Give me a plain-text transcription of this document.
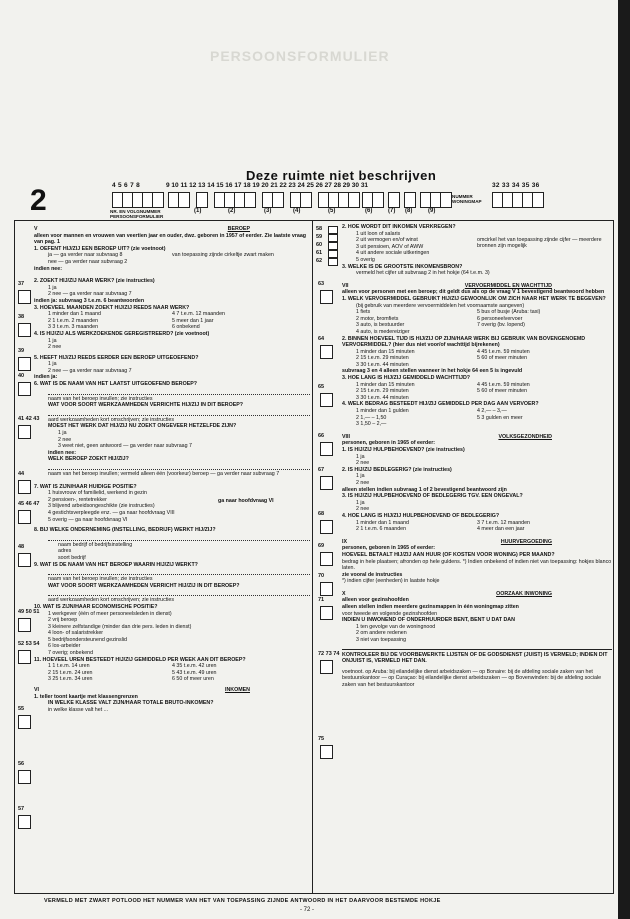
PERSOONSFORMULIER
Deze ruimte niet beschrijven
2	4 5 6 7 8	9 10 11 12 13 14 15 16 17 18 19 20 21 22 23 24 25 26 27 28 29 30 31
NR. EN VOLGNUMMER PERSOONSFORMULIER
NUMMER WONINGMAP
32 33 34 35 36
(1)	(2)	(3)	(4)	(5)	(6)	(7) (8)	(9)
V	BEROEP
alleen voor mannen en vrouwen van veertien jaar en ouder, dwz. geboren in 1957 of eerder. Zie laatste vraag van pag. 1
1. OEFENT HIJ/ZIJ EEN BEROEP UIT? (zie voetnoot)
ja — ga verder naar subvraag 8
nee — ga verder naar subvraag 2
van toepassing zijnde cirkeltje zwart maken
indien nee:
2. ZOEKT HIJ/ZIJ NAAR WERK? (zie instructies)
1 ja
2 nee — ga verder naar subvraag 7
indien ja: subvraag 3 t.e.m. 6 beantwoorden
3. HOEVEEL MAANDEN ZOEKT HIJ/ZIJ REEDS NAAR WERK?
1 minder dan 1 maand
2 1 t.e.m. 2 maanden
3 3 t.e.m. 3 maanden
4 7 t.e.m. 12 maanden
5 meer dan 1 jaar
6 onbekend
4. IS HIJ/ZIJ ALS WERKZOEKENDE GEREGISTREERD? (zie voetnoot)
1 ja
2 nee
5. HEEFT HIJ/ZIJ REEDS EERDER EEN BEROEP UITGEOEFEND?
1 ja
2 nee — ga verder naar subvraag 7
indien ja:
6. WAT IS DE NAAM VAN HET LAATST UITGEOEFEND BEROEP?
naam van het beroep invullen; zie instructies
WAT VOOR SOORT WERKZAAMHEDEN VERRICHTE HIJ/ZIJ IN DIT BEROEP?
aard werkzaamheden kort omschrijven; zie instructies
MOEST HET WERK DAT HIJ/ZIJ NU ZOEKT ONGEVEER HETZELFDE ZIJN?
1 ja
2 nee
3 weet niet, geen antwoord — ga verder naar subvraag 7
indien nee:
WELK BEROEP ZOEKT HIJ/ZIJ?
naam van het beroep invullen; vermeld alleen één (voorkeur) beroep — ga verder naar subvraag 7
7. WAT IS ZIJN/HAAR HUIDIGE POSITIE?
1 huisvrouw of familielid, werkend in gezin
2 pensioen-, rentetrekker
3 blijvend arbeidsongeschikte (zie instructies)
4 gestichtsverpleegde enz. — ga naar hoofdvraag VIII
5 overig — ga naar hoofdvraag VI
ga naar hoofdvraag VI
8. BIJ WELKE ONDERNEMING (INSTELLING, BEDRIJF) WERKT HIJ/ZIJ?
naam bedrijf of bedrijfsinstelling
adres
soort bedrijf
9. WAT IS DE NAAM VAN HET BEROEP WAARIN HIJ/ZIJ WERKT?
naam van het beroep invullen; zie instructies
WAT VOOR SOORT WERKZAAMHEDEN VERRICHT HIJ/ZIJ IN DIT BEROEP?
aard werkzaamheden kort omschrijven; zie instructies
10. WAT IS ZIJN/HAAR ECONOMISCHE POSITIE?
1 werkgever (één of meer personeelsleden in dienst)
2 vrij beroep
3 kleinere zelfstandige (minder dan drie pers. leden in dienst)
4 loon- of salaristrekker
5 bedrijfsondersteunend gezinslid
6 los-arbeider
7 overig; onbekend
11. HOEVEEL UREN BESTEEDT HIJ/ZIJ GEMIDDELD PER WEEK AAN DIT BEROEP?
1 1 t.e.m. 14 uren
2 15 t.e.m. 24 uren
3 25 t.e.m. 34 uren
4 35 t.e.m. 42 uren
5 43 t.e.m. 49 uren
6 50 of meer uren
VI	INKOMEN
1. teller toont kaartje met klassengrenzen
IN WELKE KLASSE VALT ZIJN/HAAR TOTALE BRUTO-INKOMEN?
in welke klasse valt het ...
37
38
39
40
41 42 43
44
45 46 47
48
49 50 51
52 53 54
55
56
57
2. HOE WORDT DIT INKOMEN VERKREGEN?
1 uit loon of salaris
2 uit vermogen en/of winst
3 uit pensioen, AOV of AWW
4 uit andere sociale uitkeringen
5 overig
omcirkel het van toepassing zijnde cijfer — meerdere bronnen zijn mogelijk
3. WELKE IS DE GROOTSTE INKOMENSBRON?
vermeld het cijfer uit subvraag 2 in het hokje (64 t.e.m. 3)
VII	VERVOERMIDDEL EN WACHTTIJD
alleen voor personen met een beroep; dit geldt dus als op de vraag V 1 bevestigend beantwoord hebben
1. WELK VERVOERMIDDEL GEBRUIKT HIJ/ZIJ GEWOONLIJK OM ZICH NAAR HET WERK TE BEGEVEN?
(bij gebruik van meerdere vervoermiddelen het voornaamste aangeven)
1 fiets
2 motor, bromfiets
3 auto, is bestuurder
4 auto, is medereiziger
5 bus of busje (Aruba: taxi)
6 personeelvervoer
7 overig (bv. lopend)
2. BINNEN HOEVEEL TIJD IS HIJ/ZIJ OP ZIJN/HAAR WERK BIJ GEBRUIK VAN BOVENGENOEMD VERVOERMIDDEL? (hier dus niet voor/of wachttijd bijrekenen)
1 minder dan 15 minuten
2 15 t.e.m. 29 minuten
3 30 t.e.m. 44 minuten
4 45 t.e.m. 59 minuten
5 60 of meer minuten
subvraag 3 en 4 alleen stellen wanneer in het hokje 64 een 5 is ingevuld
3. HOE LANG IS HIJ/ZIJ GEMIDDELD WACHTTIJD?
1 minder dan 15 minuten
2 15 t.e.m. 29 minuten
3 30 t.e.m. 44 minuten
4 45 t.e.m. 59 minuten
5 60 of meer minuten
4. WELK BEDRAG BESTEEDT HIJ/ZIJ GEMIDDELD PER DAG AAN VERVOER?
1 minder dan 1 gulden
2 1,— – 1,50
3 1,50 – 2,—
4 2,— – 3,—
5 3 gulden en meer
VIII	VOLKSGEZONDHEID
personen, geboren in 1965 of eerder:
1. IS HIJ/ZIJ HULPBEHOEVEND? (zie instructies)
1 ja
2 nee
2. IS HIJ/ZIJ BEDLEGERIG? (zie instructies)
1 ja
2 nee
alleen stellen indien subvraag 1 of 2 bevestigend beantwoord zijn
3. IS HIJ/ZIJ HULPBEHOEVEND OF BEDLEGERIG TGV. EEN ONGEVAL?
1 ja
2 nee
4. HOE LANG IS HIJ/ZIJ HULPBEHOEVEND OF BEDLEGERIG?
1 minder dan 1 maand
2 1 t.e.m. 6 maanden
3 7 t.e.m. 12 maanden
4 meer dan een jaar
IX	HUURVERGOEDING
personen, geboren in 1965 of eerder:
HOEVEEL BETAALT HIJ/ZIJ AAN HUUR (OF KOSTEN VOOR WONING) PER MAAND?
bedrag in hele plaatsen; afronden op hele guldens. *) Indien onbekend of indien niet van toepassing: hokjes blanco laten.
zie vooral de instructies
*) indien cijfer (eenheden) in laatste hokje
X	OORZAAK INWONING
alleen voor gezinshoofden
alleen stellen indien meerdere gezinsmappen in één woningmap zitten
voor tweede en volgende gezinshoofden
INDIEN U INWONEND OF ONDERHUURDER BENT, BENT U DAT DAN
1 ten gevolge van de woningnood
2 om andere redenen
3 niet van toepassing
KONTROLEER BIJ DE VOORBEWERKTE LIJSTEN OF DE GODSDIENST (JUIST) IS VERMELD; INDIEN DIT ONJUIST IS, VERMELD HET DAN.
voetnoot. op Aruba: bij eilandelijke dienst arbeidszaken — op Bonaire: bij de afdeling sociale zaken van het bestuurskantoor — op Curaçao: bij eilandelijke dienst arbeidszaken — op Bovenwinden: bij de afdeling sociale zaken van het bestuurskantoor
63
64
65
66
67
68
69
70
71
72 73 74
75
58
59
60
61
62
VERMELD MET ZWART POTLOOD HET NUMMER VAN HET VAN TOEPASSING ZIJNDE ANTWOORD IN HET DAARVOOR BESTEMDE HOKJE
- 72 -
